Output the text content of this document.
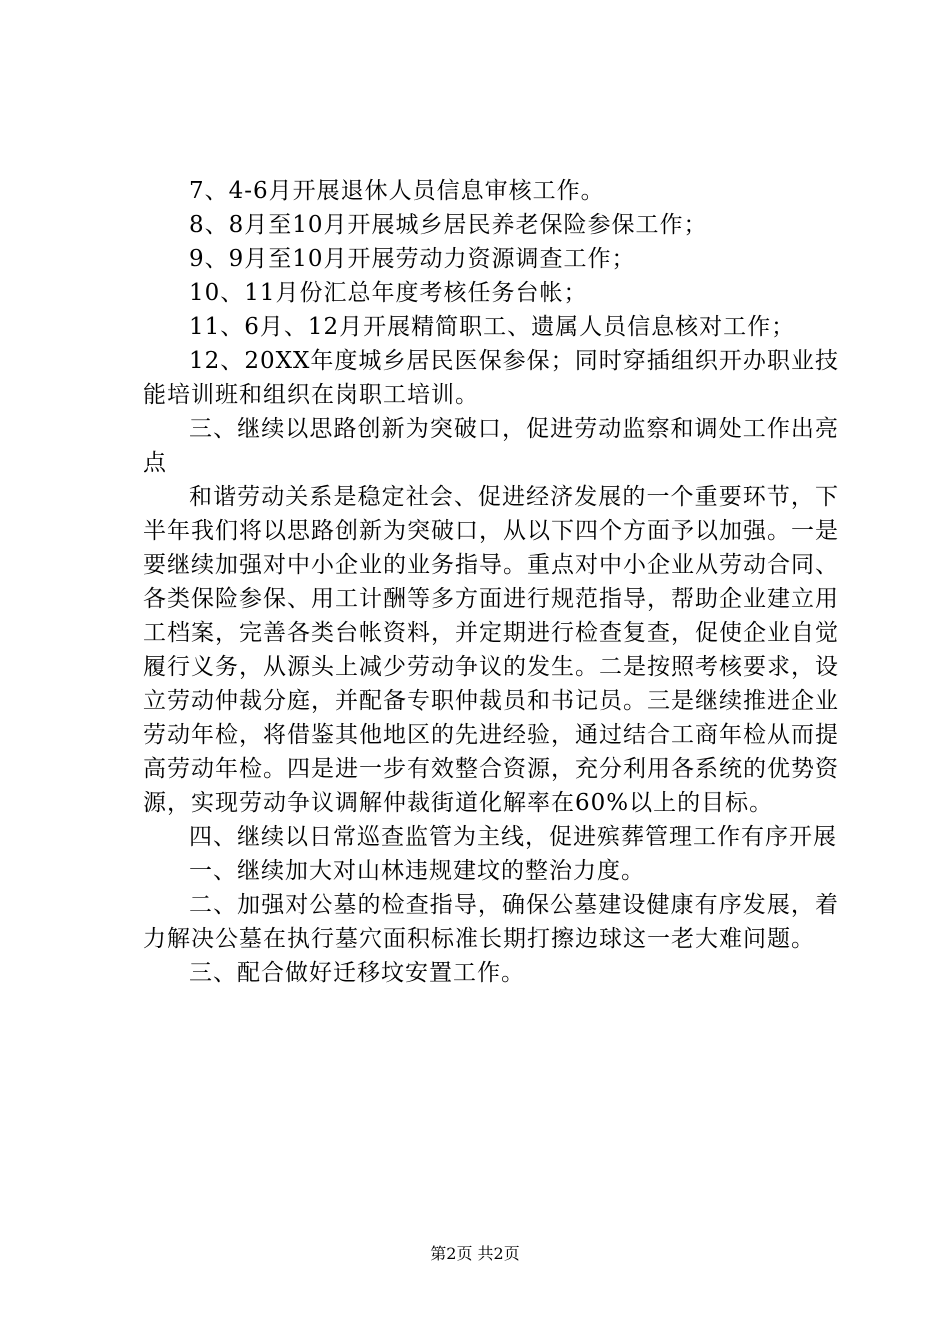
7、4-6月开展退休人员信息审核工作。

8、8月至10月开展城乡居民养老保险参保工作；

9、9月至10月开展劳动力资源调查工作；

10、11月份汇总年度考核任务台帐；

11、6月、12月开展精简职工、遗属人员信息核对工作；

12、20XX年度城乡居民医保参保；同时穿插组织开办职业技能培训班和组织在岗职工培训。

三、继续以思路创新为突破口，促进劳动监察和调处工作出亮点

和谐劳动关系是稳定社会、促进经济发展的一个重要环节，下半年我们将以思路创新为突破口，从以下四个方面予以加强。一是要继续加强对中小企业的业务指导。重点对中小企业从劳动合同、各类保险参保、用工计酬等多方面进行规范指导，帮助企业建立用工档案，完善各类台帐资料，并定期进行检查复查，促使企业自觉履行义务，从源头上减少劳动争议的发生。二是按照考核要求，设立劳动仲裁分庭，并配备专职仲裁员和书记员。三是继续推进企业劳动年检，将借鉴其他地区的先进经验，通过结合工商年检从而提高劳动年检。四是进一步有效整合资源，充分利用各系统的优势资源，实现劳动争议调解仲裁街道化解率在60%以上的目标。

四、继续以日常巡查监管为主线，促进殡葬管理工作有序开展

一、继续加大对山林违规建坟的整治力度。

二、加强对公墓的检查指导，确保公墓建设健康有序发展，着力解决公墓在执行墓穴面积标准长期打擦边球这一老大难问题。

三、配合做好迁移坟安置工作。

第2页 共2页
